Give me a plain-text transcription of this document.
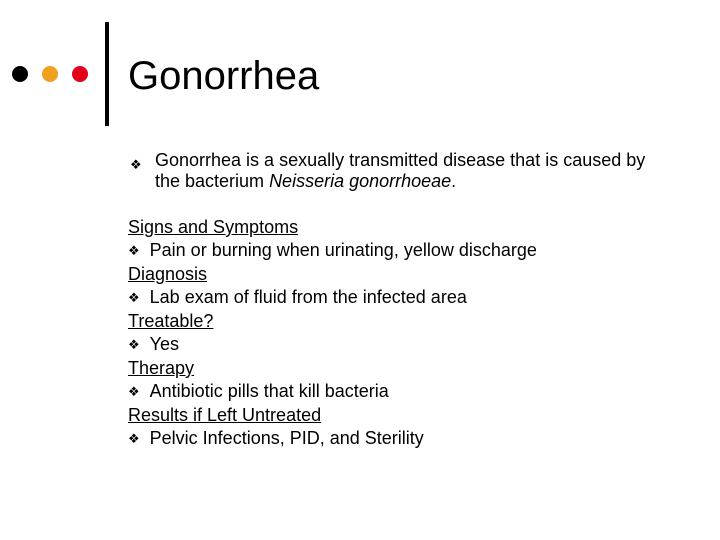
Gonorrhea
❖ Gonorrhea is a sexually transmitted disease that is caused by the bacterium Neisseria gonorrhoeae.
Signs and Symptoms
❖ Pain or burning when urinating, yellow discharge
Diagnosis
❖ Lab exam of fluid from the infected area
Treatable?
❖ Yes
Therapy
❖ Antibiotic pills that kill bacteria
Results if Left Untreated
❖ Pelvic Infections, PID, and Sterility
